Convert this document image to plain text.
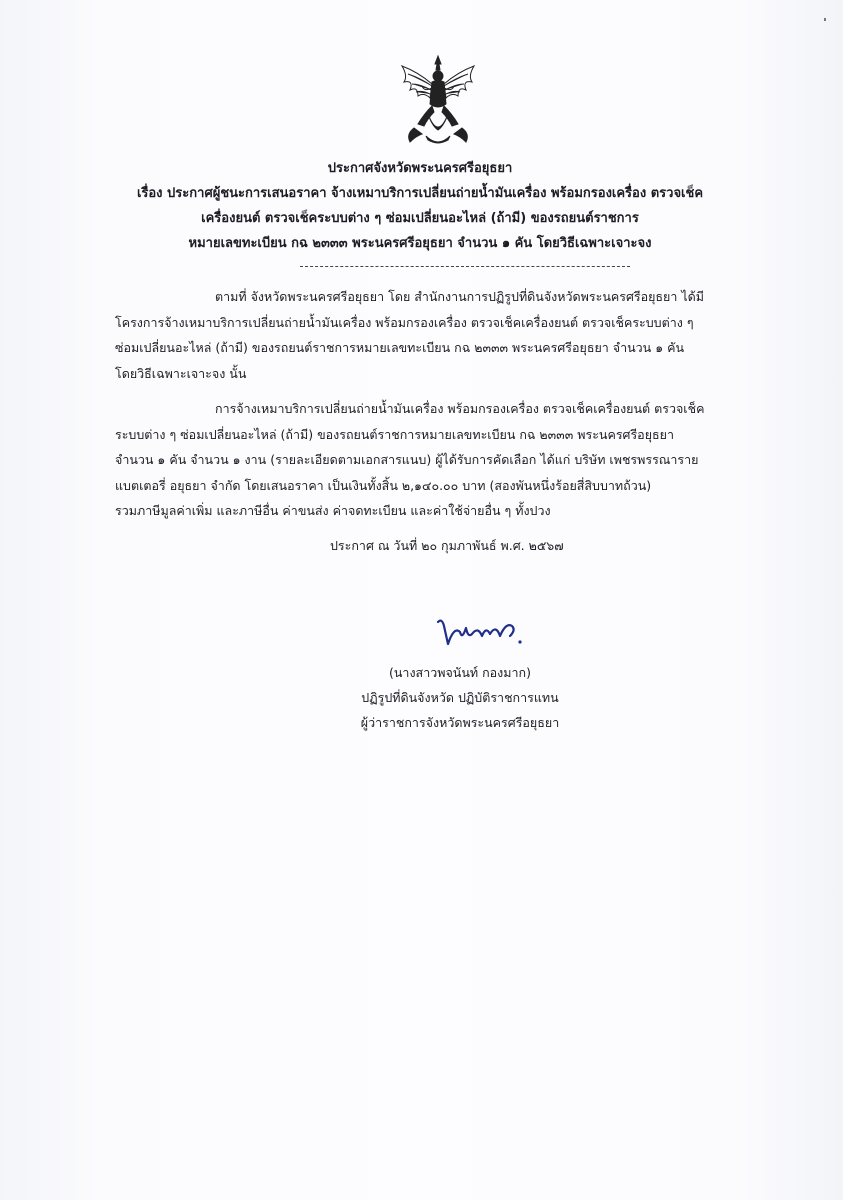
ประกาศจังหวัดพระนครศรีอยุธยา
เรื่อง ประกาศผู้ชนะการเสนอราคา จ้างเหมาบริการเปลี่ยนถ่ายน้ำมันเครื่อง พร้อมกรองเครื่อง ตรวจเช็ค
เครื่องยนต์ ตรวจเช็คระบบต่าง ๆ ซ่อมเปลี่ยนอะไหล่ (ถ้ามี) ของรถยนต์ราชการ
หมายเลขทะเบียน กฉ ๒๓๓๓ พระนครศรีอยุธยา จำนวน ๑ คัน โดยวิธีเฉพาะเจาะจง
ตามที่ จังหวัดพระนครศรีอยุธยา โดย สำนักงานการปฏิรูปที่ดินจังหวัดพระนครศรีอยุธยา ได้มี
โครงการจ้างเหมาบริการเปลี่ยนถ่ายน้ำมันเครื่อง พร้อมกรองเครื่อง ตรวจเช็คเครื่องยนต์ ตรวจเช็คระบบต่าง ๆ
ซ่อมเปลี่ยนอะไหล่ (ถ้ามี) ของรถยนต์ราชการหมายเลขทะเบียน กฉ ๒๓๓๓ พระนครศรีอยุธยา จำนวน ๑ คัน
โดยวิธีเฉพาะเจาะจง นั้น
การจ้างเหมาบริการเปลี่ยนถ่ายน้ำมันเครื่อง พร้อมกรองเครื่อง ตรวจเช็คเครื่องยนต์ ตรวจเช็ค
ระบบต่าง ๆ ซ่อมเปลี่ยนอะไหล่ (ถ้ามี) ของรถยนต์ราชการหมายเลขทะเบียน กฉ ๒๓๓๓ พระนครศรีอยุธยา
จำนวน ๑ คัน จำนวน ๑ งาน (รายละเอียดตามเอกสารแนบ) ผู้ได้รับการคัดเลือก ได้แก่ บริษัท เพชรพรรณาราย
แบตเตอรี่ อยุธยา จำกัด โดยเสนอราคา เป็นเงินทั้งสิ้น ๒,๑๔๐.๐๐ บาท (สองพันหนึ่งร้อยสี่สิบบาทถ้วน)
รวมภาษีมูลค่าเพิ่ม และภาษีอื่น ค่าขนส่ง ค่าจดทะเบียน และค่าใช้จ่ายอื่น ๆ ทั้งปวง
ประกาศ ณ วันที่ ๒๐ กุมภาพันธ์ พ.ศ. ๒๕๖๗
(นางสาวพจนันท์ กองมาก)
ปฏิรูปที่ดินจังหวัด ปฏิบัติราชการแทน
ผู้ว่าราชการจังหวัดพระนครศรีอยุธยา
